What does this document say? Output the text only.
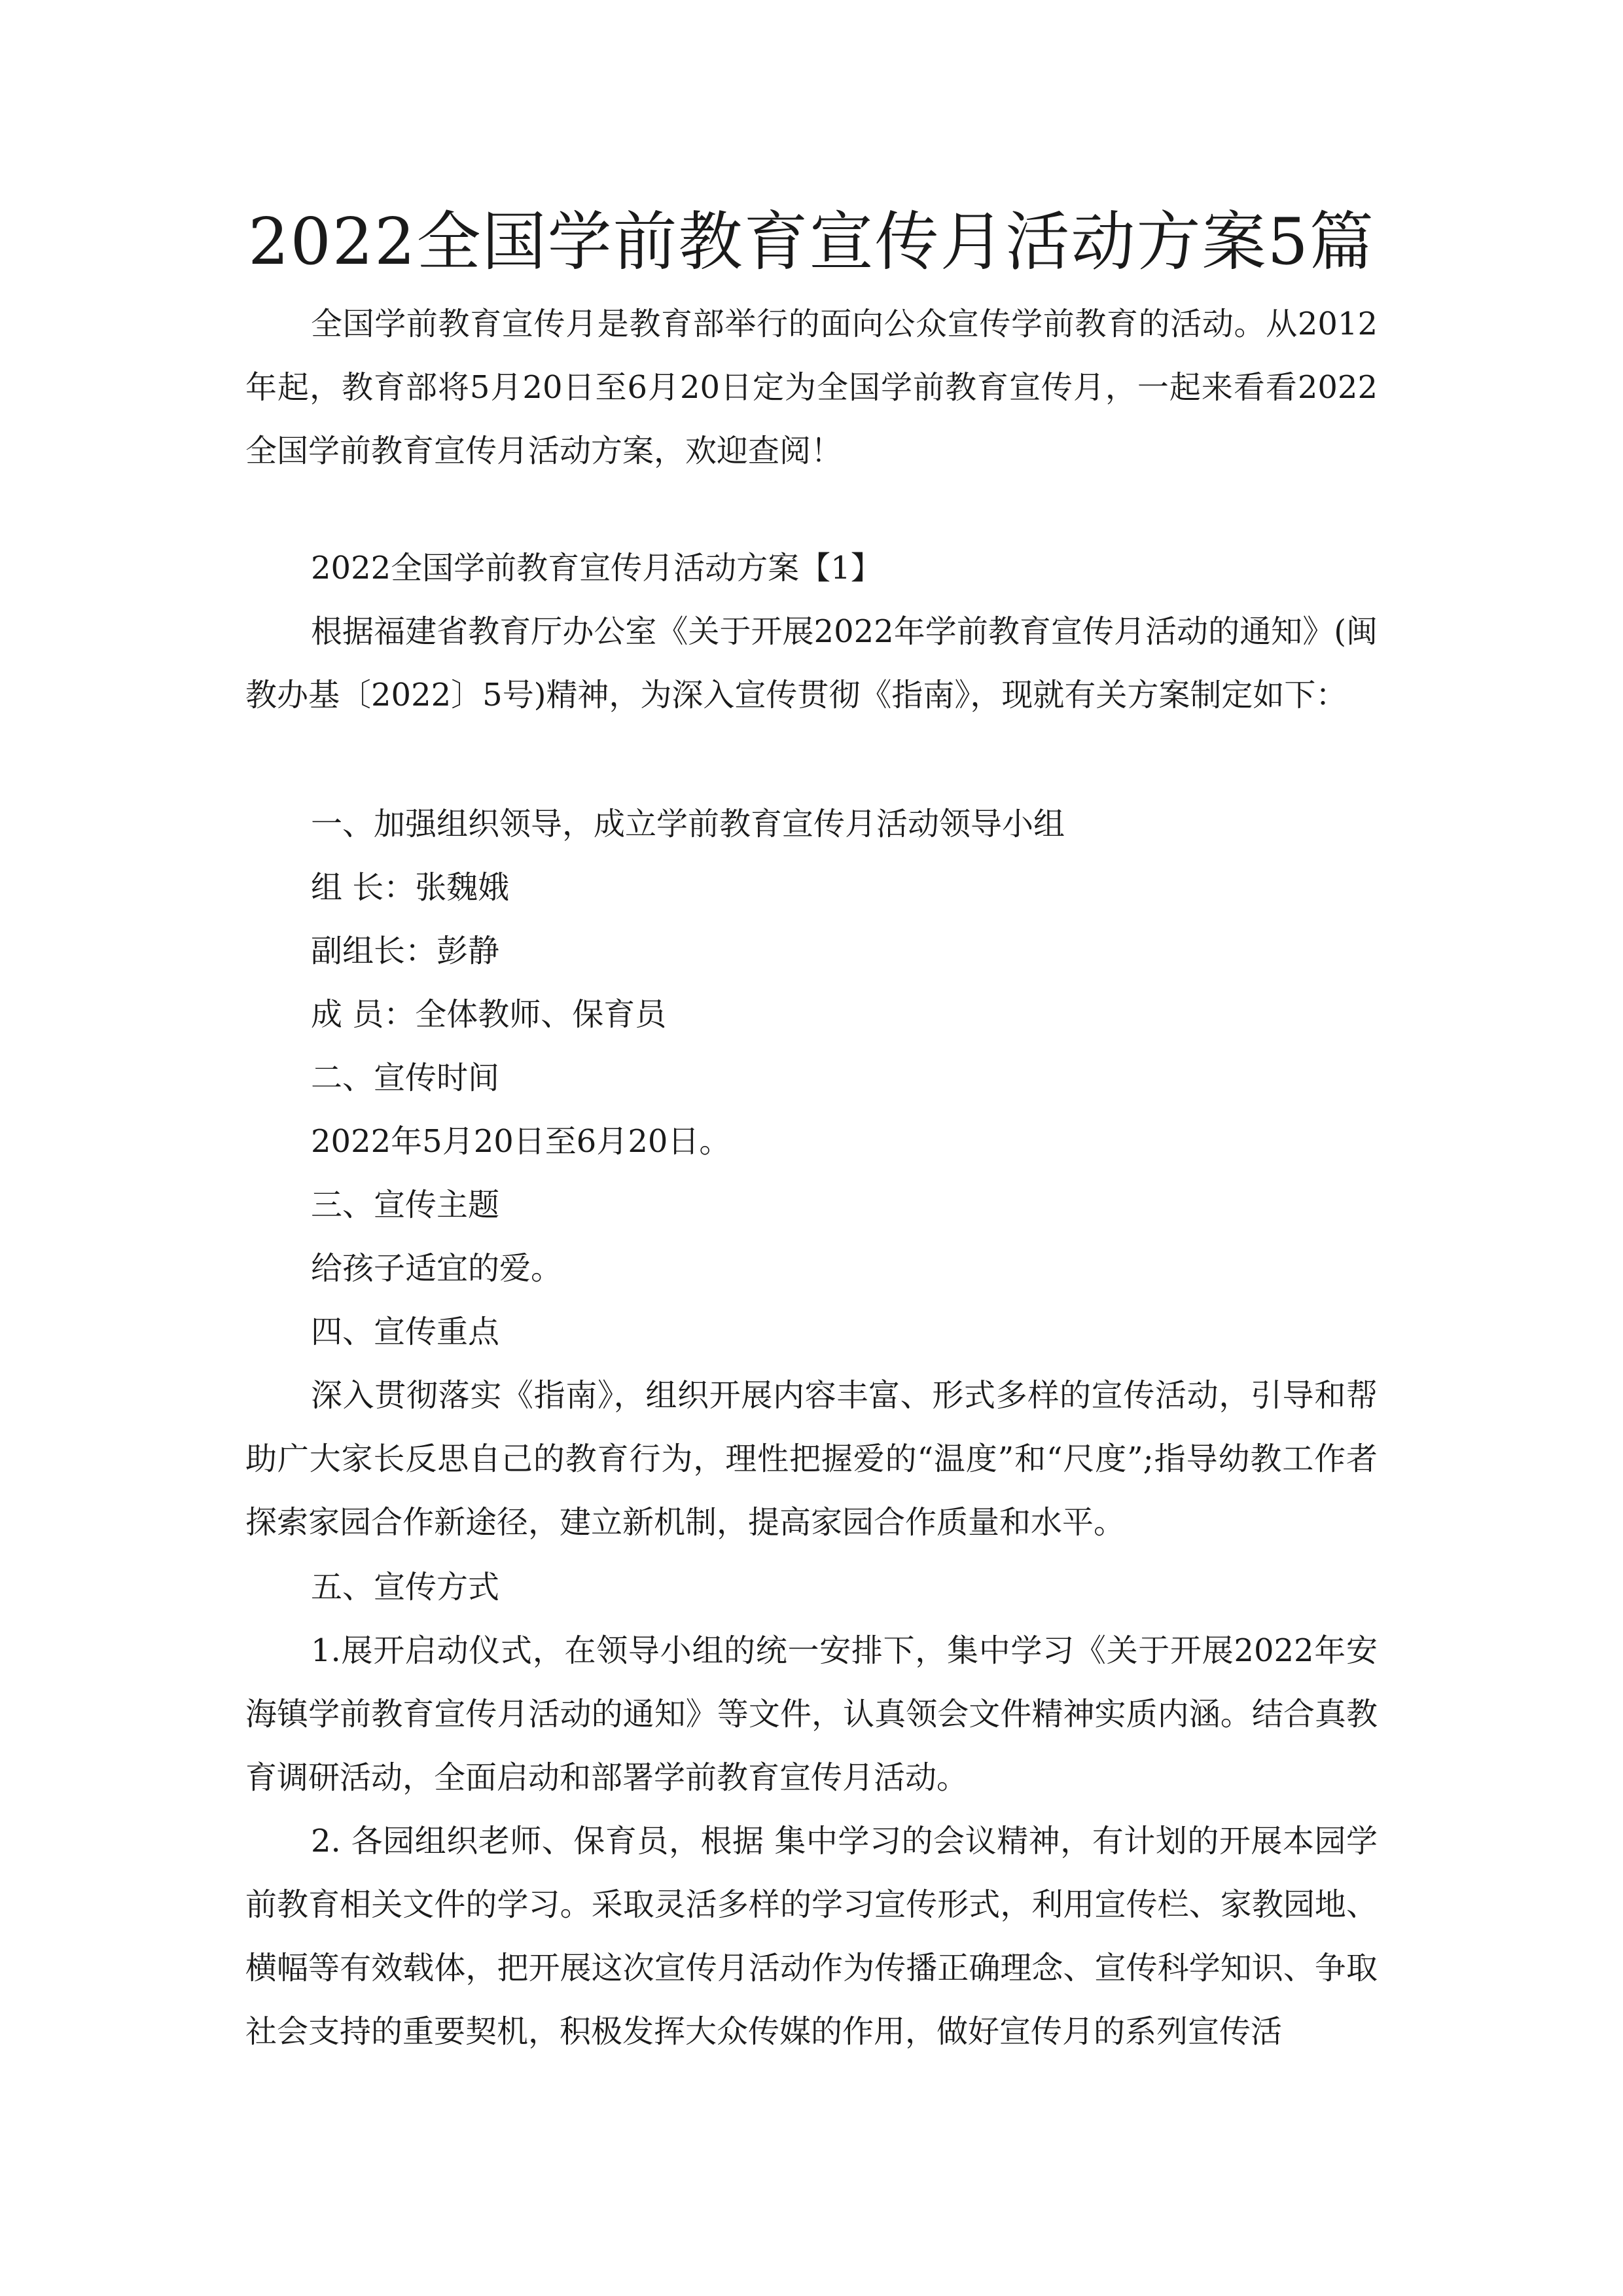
2022全国学前教育宣传月活动方案5篇

全国学前教育宣传月是教育部举行的面向公众宣传学前教育的活动。从2012年起，教育部将5月20日至6月20日定为全国学前教育宣传月，一起来看看2022全国学前教育宣传月活动方案，欢迎查阅！

2022全国学前教育宣传月活动方案【1】

根据福建省教育厅办公室《关于开展2022年学前教育宣传月活动的通知》(闽教办基〔2022〕5号)精神，为深入宣传贯彻《指南》，现就有关方案制定如下：

一、加强组织领导，成立学前教育宣传月活动领导小组
组 长：张魏娥
副组长：彭静
成 员：全体教师、保育员
二、宣传时间
2022年5月20日至6月20日。
三、宣传主题
给孩子适宜的爱。
四、宣传重点

深入贯彻落实《指南》，组织开展内容丰富、形式多样的宣传活动，引导和帮助广大家长反思自己的教育行为，理性把握爱的“温度”和“尺度”;指导幼教工作者探索家园合作新途径，建立新机制，提高家园合作质量和水平。

五、宣传方式

1.展开启动仪式，在领导小组的统一安排下，集中学习《关于开展2022年安海镇学前教育宣传月活动的通知》等文件，认真领会文件精神实质内涵。结合真教育调研活动，全面启动和部署学前教育宣传月活动。

2. 各园组织老师、保育员，根据 集中学习的会议精神，有计划的开展本园学前教育相关文件的学习。采取灵活多样的学习宣传形式，利用宣传栏、家教园地、横幅等有效载体，把开展这次宣传月活动作为传播正确理念、宣传科学知识、争取社会支持的重要契机，积极发挥大众传媒的作用，做好宣传月的系列宣传活
